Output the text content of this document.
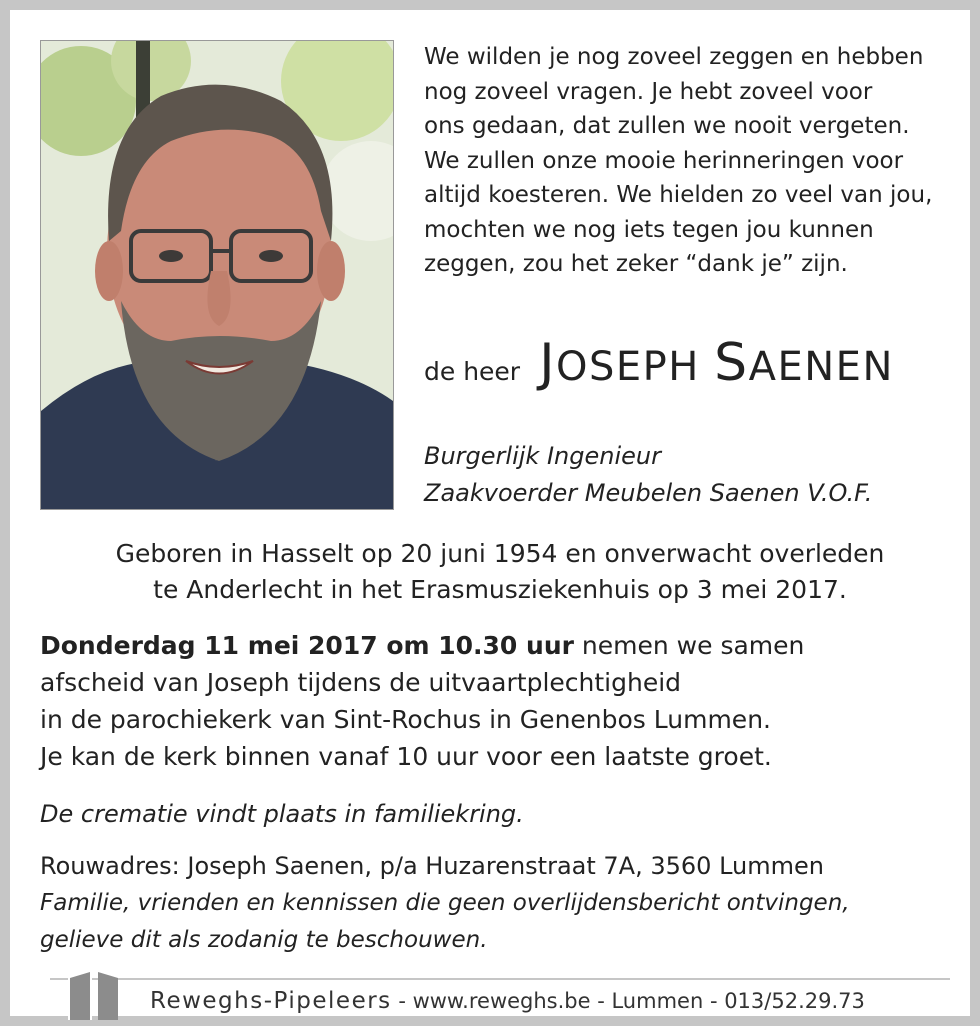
We wilden je nog zoveel zeggen en hebben
nog zoveel vragen. Je hebt zoveel voor
ons gedaan, dat zullen we nooit vergeten.
We zullen onze mooie herinneringen voor
altijd koesteren. We hielden zo veel van jou,
mochten we nog iets tegen jou kunnen
zeggen, zou het zeker “dank je” zijn.
de heer JOSEPH SAENEN
Burgerlijk Ingenieur
Zaakvoerder Meubelen Saenen V.O.F.
Geboren in Hasselt op 20 juni 1954 en onverwacht overleden
te Anderlecht in het Erasmusziekenhuis op 3 mei 2017.
Donderdag 11 mei 2017 om 10.30 uur nemen we samen
afscheid van Joseph tijdens de uitvaartplechtigheid
in de parochiekerk van Sint-Rochus in Genenbos Lummen.
Je kan de kerk binnen vanaf 10 uur voor een laatste groet.
De crematie vindt plaats in familiekring.
Rouwadres: Joseph Saenen, p/a Huzarenstraat 7A, 3560 Lummen
Familie, vrienden en kennissen die geen overlijdensbericht ontvingen,
gelieve dit als zodanig te beschouwen.
Reweghs-Pipeleers - www.reweghs.be - Lummen - 013/52.29.73
